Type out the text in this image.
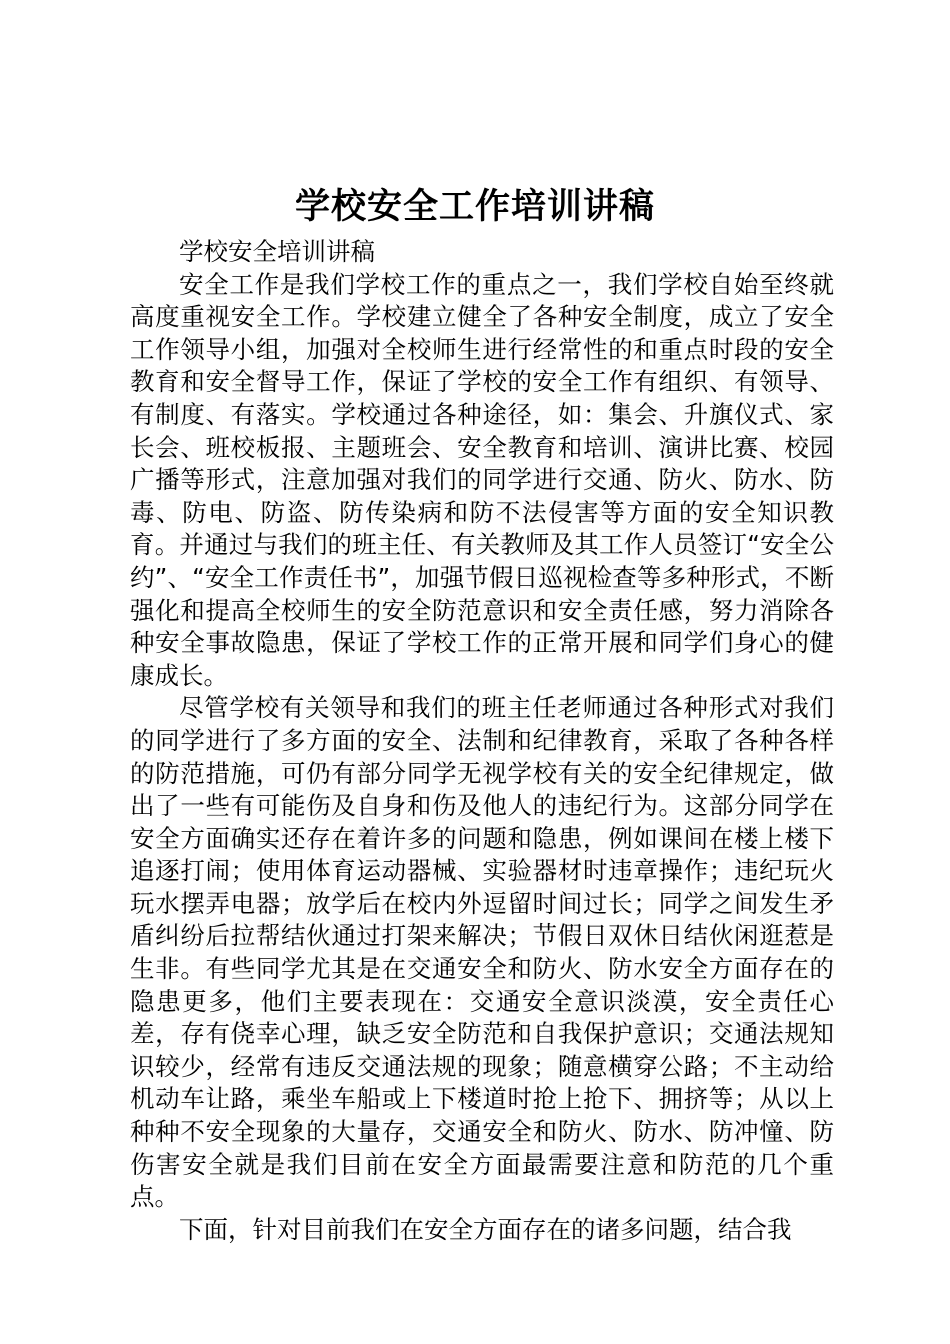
学校安全工作培训讲稿

学校安全培训讲稿

安全工作是我们学校工作的重点之一，我们学校自始至终就高度重视安全工作。学校建立健全了各种安全制度，成立了安全工作领导小组，加强对全校师生进行经常性的和重点时段的安全教育和安全督导工作，保证了学校的安全工作有组织、有领导、有制度、有落实。学校通过各种途径，如：集会、升旗仪式、家长会、班校板报、主题班会、安全教育和培训、演讲比赛、校园广播等形式，注意加强对我们的同学进行交通、防火、防水、防毒、防电、防盗、防传染病和防不法侵害等方面的安全知识教育。并通过与我们的班主任、有关教师及其工作人员签订“安全公约”、“安全工作责任书”，加强节假日巡视检查等多种形式，不断强化和提高全校师生的安全防范意识和安全责任感，努力消除各种安全事故隐患，保证了学校工作的正常开展和同学们身心的健康成长。

尽管学校有关领导和我们的班主任老师通过各种形式对我们的同学进行了多方面的安全、法制和纪律教育，采取了各种各样的防范措施，可仍有部分同学无视学校有关的安全纪律规定，做出了一些有可能伤及自身和伤及他人的违纪行为。这部分同学在安全方面确实还存在着许多的问题和隐患，例如课间在楼上楼下追逐打闹；使用体育运动器械、实验器材时违章操作；违纪玩火玩水摆弄电器；放学后在校内外逗留时间过长；同学之间发生矛盾纠纷后拉帮结伙通过打架来解决；节假日双休日结伙闲逛惹是生非。有些同学尤其是在交通安全和防火、防水安全方面存在的隐患更多，他们主要表现在：交通安全意识淡漠，安全责任心差，存有侥幸心理，缺乏安全防范和自我保护意识；交通法规知识较少，经常有违反交通法规的现象；随意横穿公路；不主动给机动车让路，乘坐车船或上下楼道时抢上抢下、拥挤等；从以上种种不安全现象的大量存，交通安全和防火、防水、防冲憧、防伤害安全就是我们目前在安全方面最需要注意和防范的几个重点。

下面，针对目前我们在安全方面存在的诸多问题，结合我
